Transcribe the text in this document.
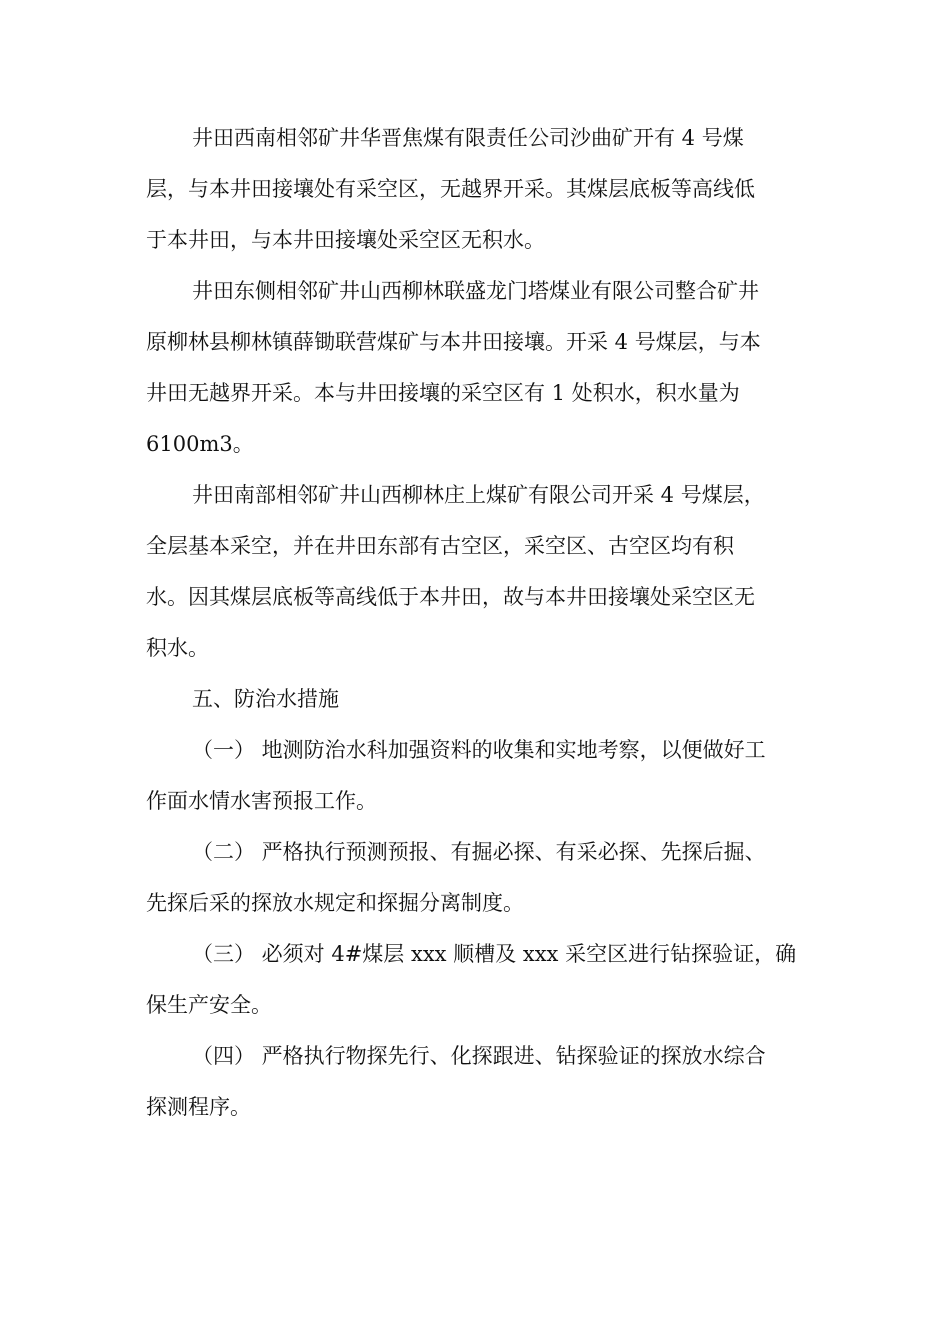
井田西南相邻矿井华晋焦煤有限责任公司沙曲矿开有 4 号煤
层，与本井田接壤处有采空区，无越界开采。其煤层底板等高线低
于本井田，与本井田接壤处采空区无积水。
井田东侧相邻矿井山西柳林联盛龙门塔煤业有限公司整合矿井
原柳林县柳林镇薛锄联营煤矿与本井田接壤。开采 4 号煤层，与本
井田无越界开采。本与井田接壤的采空区有 1 处积水，积水量为
6100m3。
井田南部相邻矿井山西柳林庄上煤矿有限公司开采 4 号煤层，
全层基本采空，并在井田东部有古空区，采空区、古空区均有积
水。因其煤层底板等高线低于本井田，故与本井田接壤处采空区无
积水。
五、防治水措施
（一） 地测防治水科加强资料的收集和实地考察，以便做好工
作面水情水害预报工作。
（二） 严格执行预测预报、有掘必探、有采必探、先探后掘、
先探后采的探放水规定和探掘分离制度。
（三） 必须对 4#煤层 xxx 顺槽及 xxx 采空区进行钻探验证，确
保生产安全。
（四） 严格执行物探先行、化探跟进、钻探验证的探放水综合
探测程序。
